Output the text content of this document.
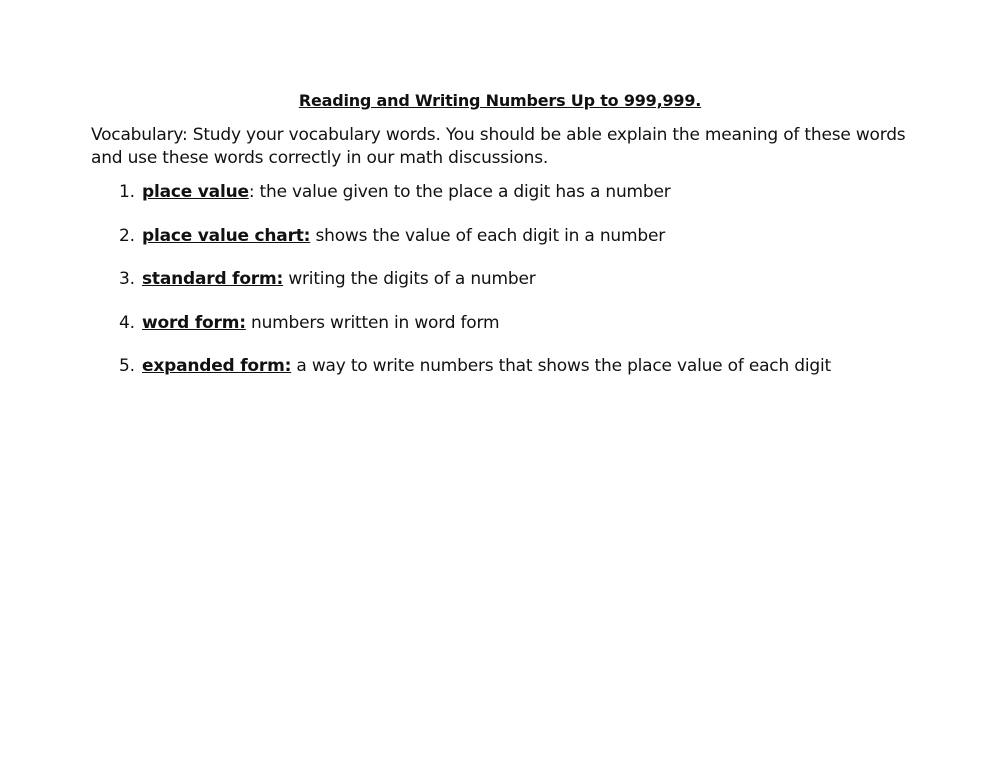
Reading and Writing Numbers Up to 999,999.
Vocabulary: Study your vocabulary words. You should be able explain the meaning of these words and use these words correctly in our math discussions.
1. place value: the value given to the place a digit has a number
2. place value chart: shows the value of each digit in a number
3. standard form: writing the digits of a number
4. word form: numbers written in word form
5. expanded form: a way to write numbers that shows the place value of each digit
